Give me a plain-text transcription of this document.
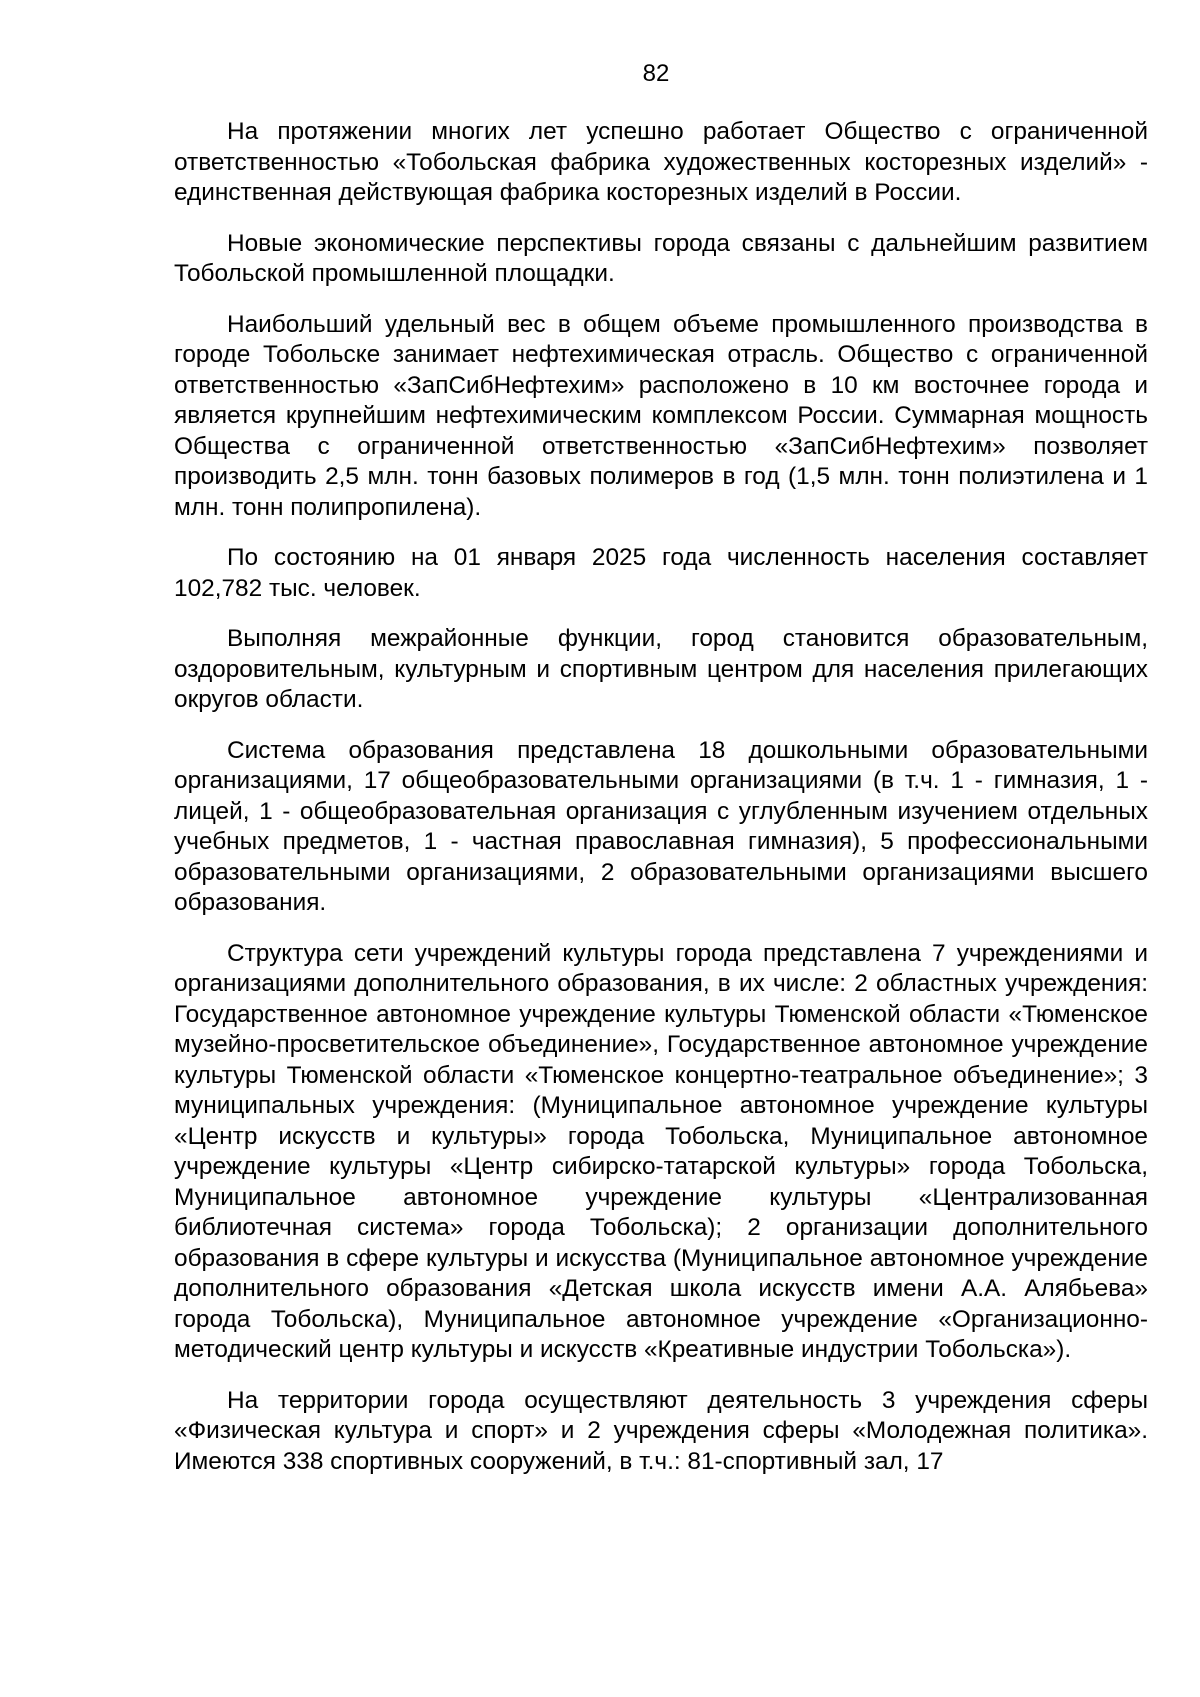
82

На протяжении многих лет успешно работает Общество с ограниченной ответственностью «Тобольская фабрика художественных косторезных изделий» - единственная действующая фабрика косторезных изделий в России.

Новые экономические перспективы города связаны с дальнейшим развитием Тобольской промышленной площадки.

Наибольший удельный вес в общем объеме промышленного производства в городе Тобольске занимает нефтехимическая отрасль. Общество с ограниченной ответственностью «ЗапСибНефтехим» расположено в 10 км восточнее города и является крупнейшим нефтехимическим комплексом России. Суммарная мощность Общества с ограниченной ответственностью «ЗапСибНефтехим» позволяет производить 2,5 млн. тонн базовых полимеров в год (1,5 млн. тонн полиэтилена и 1 млн. тонн полипропилена).

По состоянию на 01 января 2025 года численность населения составляет 102,782 тыс. человек.

Выполняя межрайонные функции, город становится образовательным, оздоровительным, культурным и спортивным центром для населения прилегающих округов области.

Система образования представлена 18 дошкольными образовательными организациями, 17 общеобразовательными организациями (в т.ч. 1 - гимназия, 1 - лицей, 1 - общеобразовательная организация с углубленным изучением отдельных учебных предметов, 1 - частная православная гимназия), 5 профессиональными образовательными организациями, 2 образовательными организациями высшего образования.

Структура сети учреждений культуры города представлена 7 учреждениями и организациями дополнительного образования, в их числе: 2 областных учреждения: Государственное автономное учреждение культуры Тюменской области «Тюменское музейно-просветительское объединение», Государственное автономное учреждение культуры Тюменской области «Тюменское концертно-театральное объединение»; 3 муниципальных учреждения: (Муниципальное автономное учреждение культуры «Центр искусств и культуры» города Тобольска, Муниципальное автономное учреждение культуры «Центр сибирско-татарской культуры» города Тобольска, Муниципальное автономное учреждение культуры «Централизованная библиотечная система» города Тобольска); 2 организации дополнительного образования в сфере культуры и искусства (Муниципальное автономное учреждение дополнительного образования «Детская школа искусств имени А.А. Алябьева» города Тобольска), Муниципальное автономное учреждение «Организационно-методический центр культуры и искусств «Креативные индустрии Тобольска»).

На территории города осуществляют деятельность 3 учреждения сферы «Физическая культура и спорт» и 2 учреждения сферы «Молодежная политика». Имеются 338 спортивных сооружений, в т.ч.: 81-спортивный зал, 17
